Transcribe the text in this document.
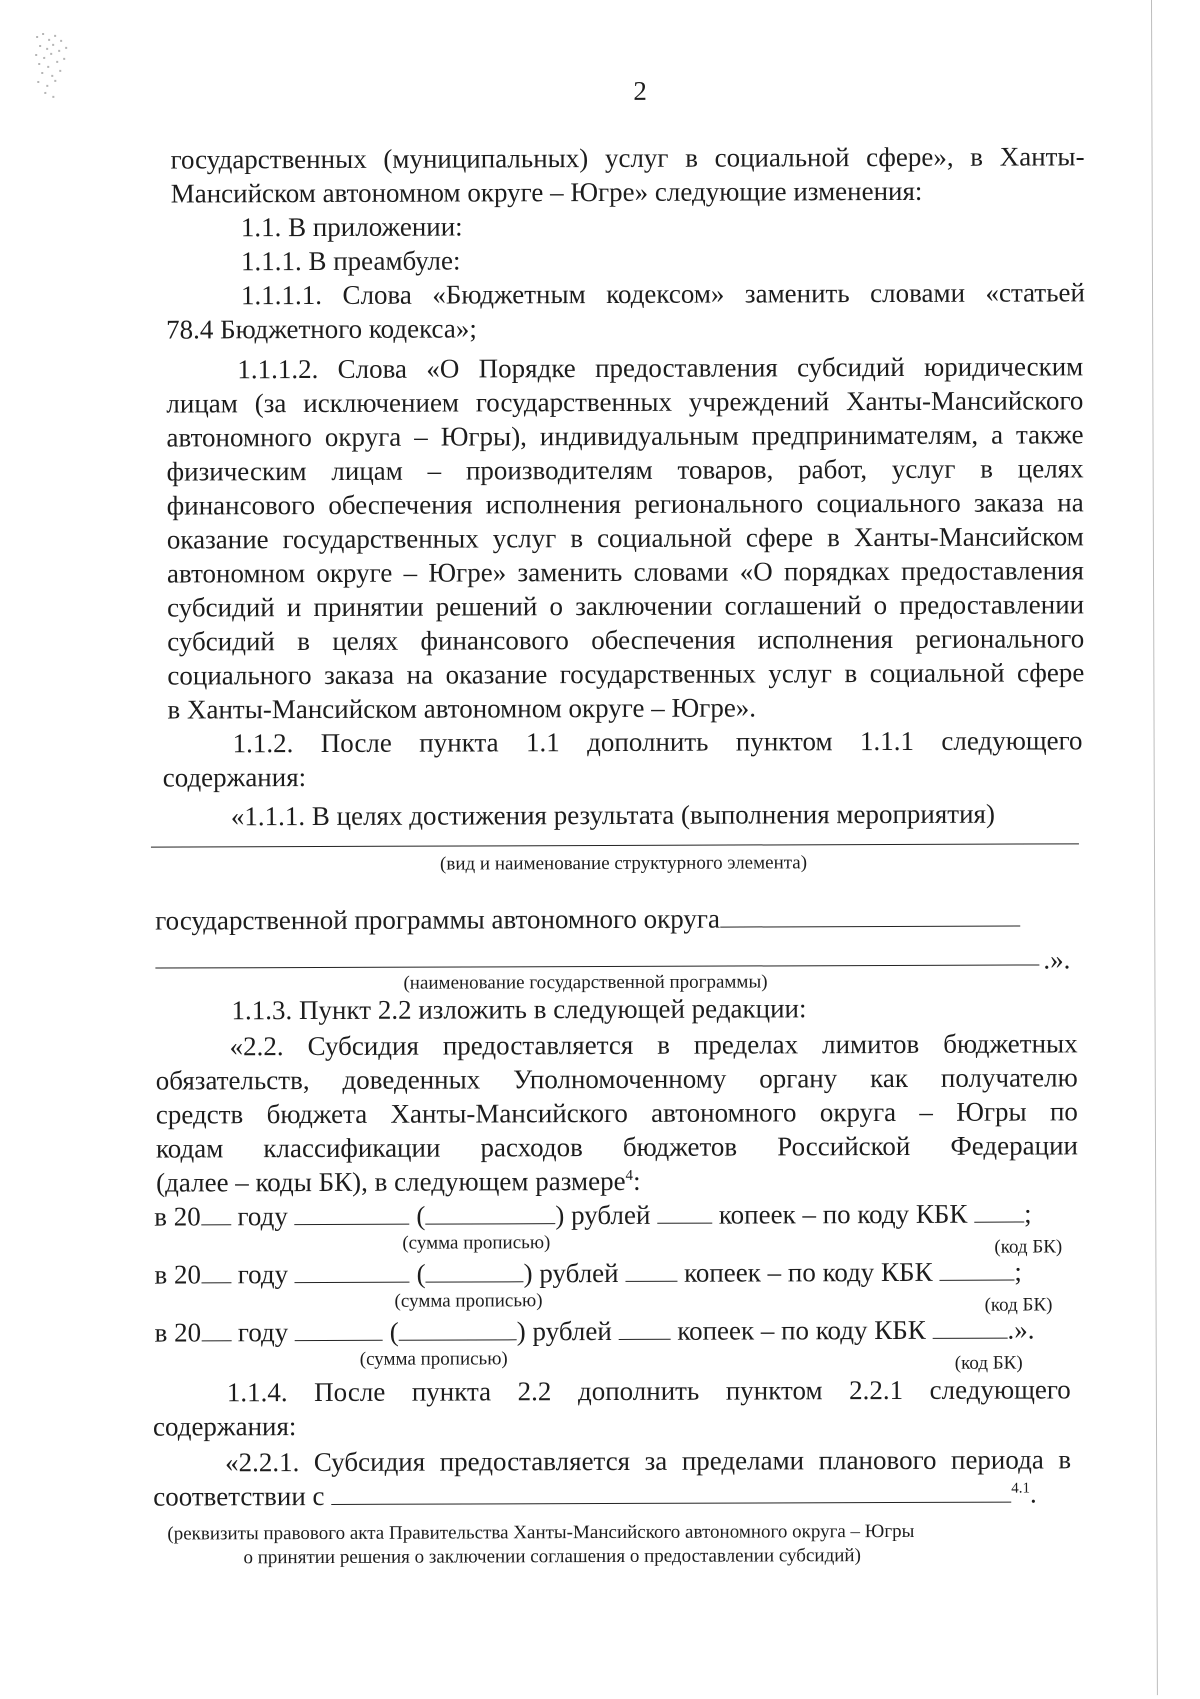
2
государственных (муниципальных) услуг в социальной сфере», в Ханты-
Мансийском автономном округе – Югре» следующие изменения:
1.1. В приложении:
1.1.1. В преамбуле:
1.1.1.1. Слова «Бюджетным кодексом» заменить словами «статьей
78.4 Бюджетного кодекса»;
1.1.1.2. Слова «О Порядке предоставления субсидий юридическим
лицам (за исключением государственных учреждений Ханты-Мансийского
автономного округа – Югры), индивидуальным предпринимателям, а также
физическим лицам – производителям товаров, работ, услуг в целях
финансового обеспечения исполнения регионального социального заказа на
оказание государственных услуг в социальной сфере в Ханты-Мансийском
автономном округе – Югре» заменить словами «О порядках предоставления
субсидий и принятии решений о заключении соглашений о предоставлении
субсидий в целях финансового обеспечения исполнения регионального
социального заказа на оказание государственных услуг в социальной сфере
в Ханты-Мансийском автономном округе – Югре».
1.1.2. После пункта 1.1 дополнить пунктом 1.1.1 следующего
содержания:
«1.1.1. В целях достижения результата (выполнения мероприятия)
(вид и наименование структурного элемента)
государственной программы автономного округа
.».
(наименование государственной программы)
1.1.3. Пункт 2.2 изложить в следующей редакции:
«2.2. Субсидия предоставляется в пределах лимитов бюджетных
обязательств, доведенных Уполномоченному органу как получателю
средств бюджета Ханты-Мансийского автономного округа – Югры по
кодам классификации расходов бюджетов Российской Федерации
(далее – коды БК), в следующем размере$^4$:
в 20 году	(	) рублей	копеек – по коду КБК ;
(сумма прописью)	(код БК)
в 20 году	(	) рублей копеек – по коду КБК	;
(сумма прописью)	(код БК)
в 20 году	(	) рублей копеек – по коду КБК	.».
(сумма прописью)	(код БК)
1.1.4. После пункта 2.2 дополнить пунктом 2.2.1 следующего
содержания:
«2.2.1. Субсидия предоставляется за пределами планового периода в
соответствии с	$^{4.1}$.
(реквизиты правового акта Правительства Ханты-Мансийского автономного округа – Югры
о принятии решения о заключении соглашения о предоставлении субсидий)
